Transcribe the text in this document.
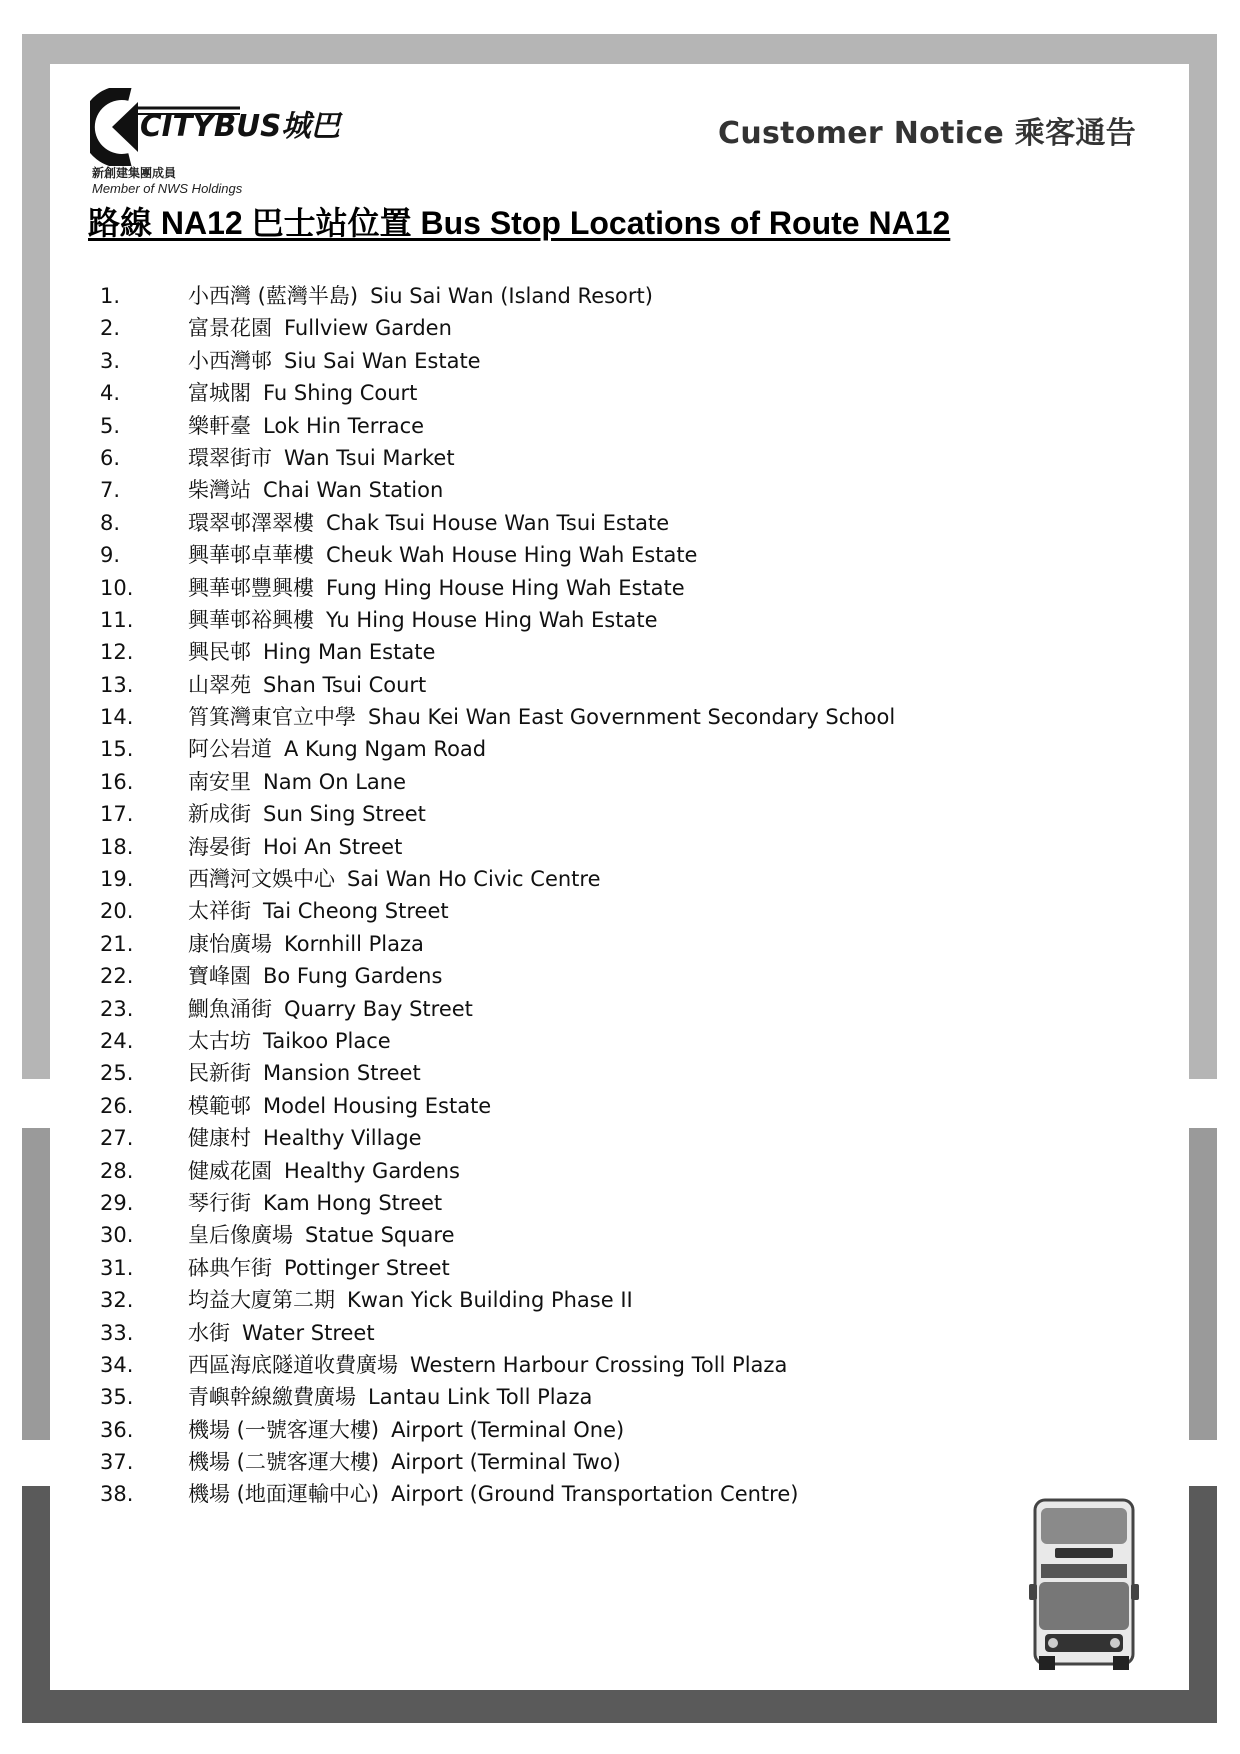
CITYBUS城巴
新創建集團成員
Member of NWS Holdings
Customer Notice 乘客通告
路線 NA12 巴士站位置 Bus Stop Locations of Route NA12
1.	小西灣 (藍灣半島) Siu Sai Wan (Island Resort)
2.	富景花園 Fullview Garden
3.	小西灣邨 Siu Sai Wan Estate
4.	富城閣 Fu Shing Court
5.	樂軒臺 Lok Hin Terrace
6.	環翠街市 Wan Tsui Market
7.	柴灣站 Chai Wan Station
8.	環翠邨澤翠樓 Chak Tsui House Wan Tsui Estate
9.	興華邨卓華樓 Cheuk Wah House Hing Wah Estate
10.	興華邨豐興樓 Fung Hing House Hing Wah Estate
11.	興華邨裕興樓 Yu Hing House Hing Wah Estate
12.	興民邨 Hing Man Estate
13.	山翠苑 Shan Tsui Court
14.	筲箕灣東官立中學 Shau Kei Wan East Government Secondary School
15.	阿公岩道 A Kung Ngam Road
16.	南安里 Nam On Lane
17.	新成街 Sun Sing Street
18.	海晏街 Hoi An Street
19.	西灣河文娛中心 Sai Wan Ho Civic Centre
20.	太祥街 Tai Cheong Street
21.	康怡廣場 Kornhill Plaza
22.	寶峰園 Bo Fung Gardens
23.	鰂魚涌街 Quarry Bay Street
24.	太古坊 Taikoo Place
25.	民新街 Mansion Street
26.	模範邨 Model Housing Estate
27.	健康村 Healthy Village
28.	健威花園 Healthy Gardens
29.	琴行街 Kam Hong Street
30.	皇后像廣場 Statue Square
31.	砵典乍街 Pottinger Street
32.	均益大廈第二期 Kwan Yick Building Phase II
33.	水街 Water Street
34.	西區海底隧道收費廣場 Western Harbour Crossing Toll Plaza
35.	青嶼幹線繳費廣場 Lantau Link Toll Plaza
36.	機場 (一號客運大樓) Airport (Terminal One)
37.	機場 (二號客運大樓) Airport (Terminal Two)
38.	機場 (地面運輸中心) Airport (Ground Transportation Centre)
